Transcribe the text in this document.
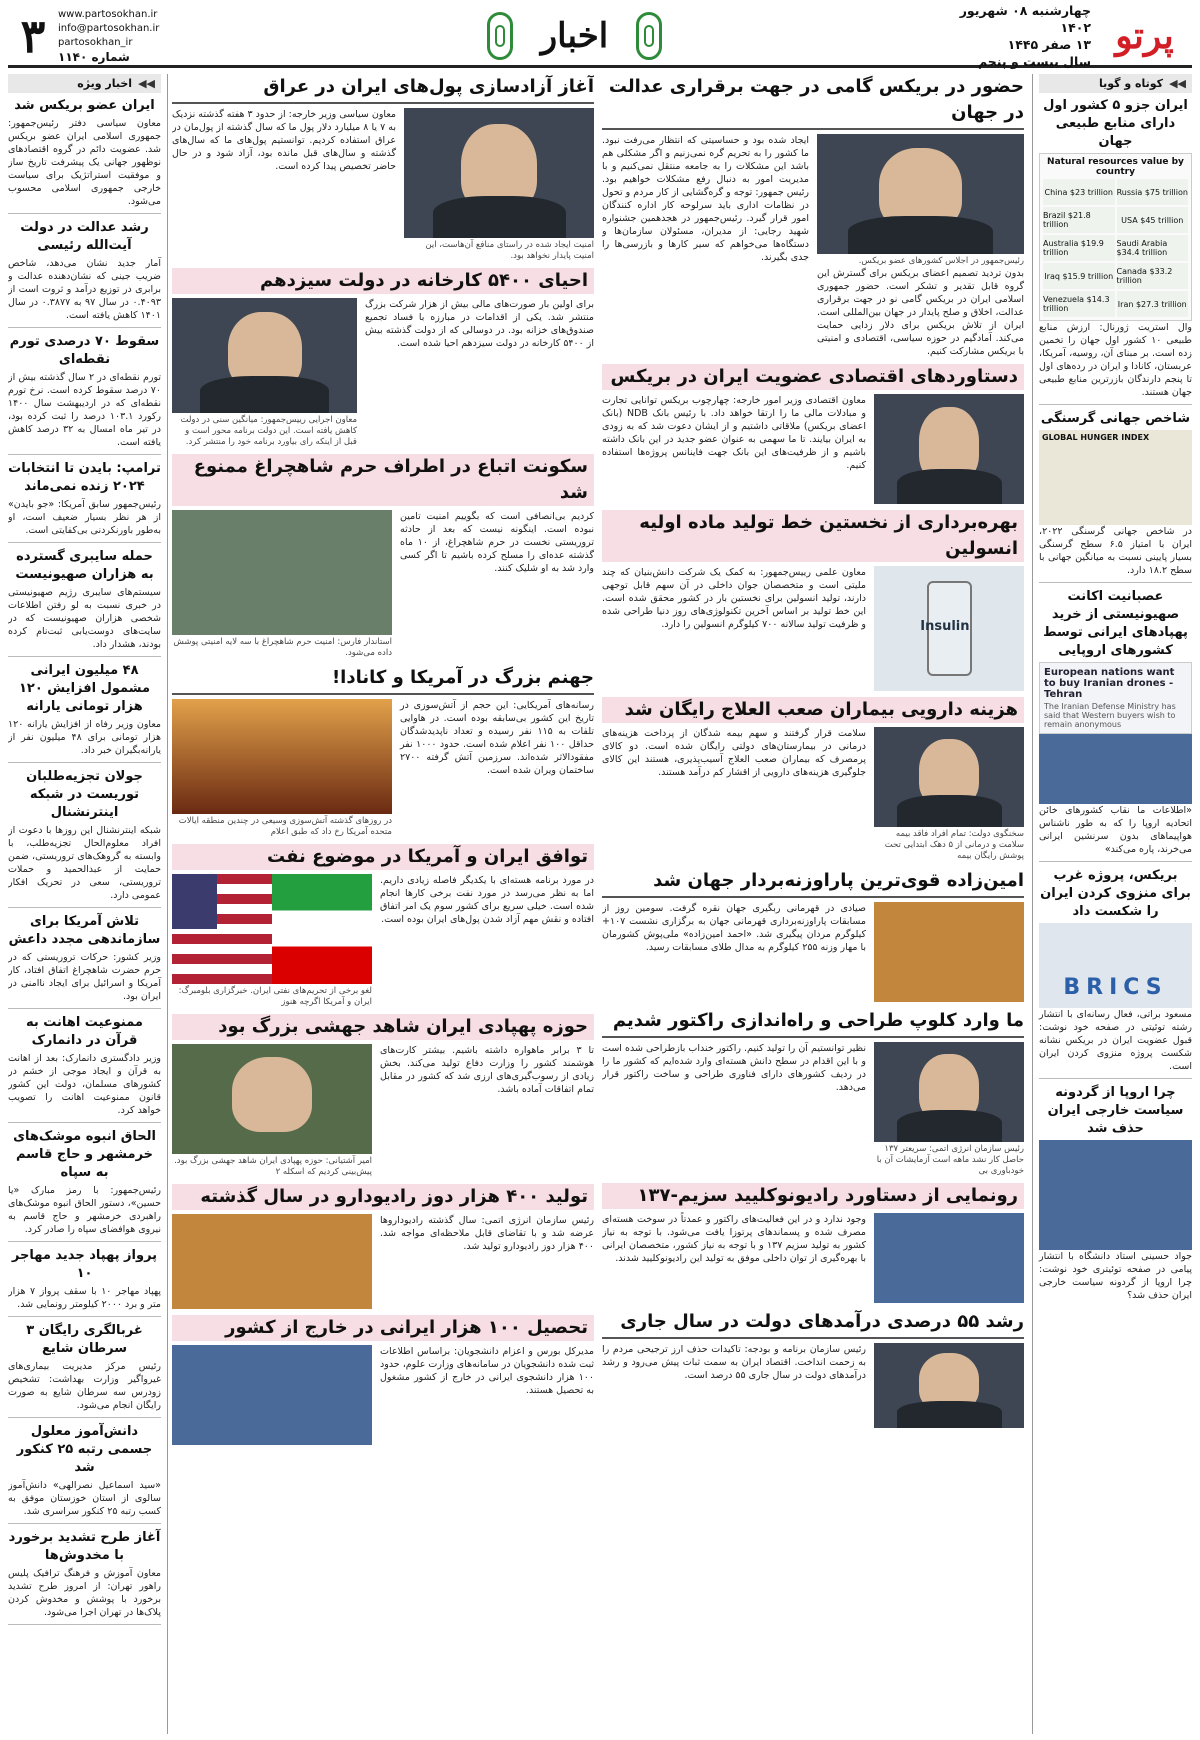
پرتو
چهارشنبه ۰۸ شهریور ۱۴۰۲
۱۳ صفر ۱۴۴۵
سال بیست و پنجم
اخبار
www.partosokhan.ir
info@partosokhan.ir
partosokhan_ir
شماره ۱۱۴۰
۳
◀◀
کوتاه و گویا
ایران جزو ۵ کشور اول دارای منابع طبیعی جهان
Natural resources value by country
Russia $75 trillion
China $23 trillion
USA $45 trillion
Brazil $21.8 trillion
Saudi Arabia $34.4 trillion
Australia $19.9 trillion
Canada $33.2 trillion
Iraq $15.9 trillion
Iran $27.3 trillion
Venezuela $14.3 trillion
وال استریت ژورنال: ارزش منابع طبیعی ۱۰ کشور اول جهان را تخمین زده است. بر مبنای آن، روسیه، آمریکا، عربستان، کانادا و ایران در رده‌های اول تا پنجم دارندگان بازرترین منابع طبیعی جهان هستند.
شاخص جهانی گرسنگی
GLOBAL HUNGER INDEX
در شاخص جهانی گرسنگی ۲۰۲۲، ایران با امتیاز ۶.۵ سطح گرسنگی بسیار پایینی نسبت به میانگین جهانی با سطح ۱۸.۲ دارد.
عصبانیت اکانت صهیونیستی از خرید پهپادهای ایرانی توسط کشورهای اروپایی
European nations want to buy Iranian drones - Tehran
The Iranian Defense Ministry has said that Western buyers wish to remain anonymous
«اطلاعات ما نقاب کشورهای خائن اتحادیه اروپا را که به طور ناشناس هواپیماهای بدون سرنشین ایرانی می‌خرند، پاره می‌کند»
بریکس، پروژه غرب برای منزوی کردن ایران را شکست داد
BRICS
مسعود براتی، فعال رسانه‌ای با انتشار رشته توئیتی در صفحه خود نوشت: قبول عضویت ایران در بریکس نشانه شکست پروژه منزوی کردن ایران است.
چرا اروپا از گردونه سیاست خارجی ایران حذف شد
جواد حسینی استاد دانشگاه با انتشار پیامی در صفحه توئیتری خود نوشت: چرا اروپا از گردونه سیاست خارجی ایران حذف شد؟
حضور در بریکس گامی در جهت برقراری عدالت در جهان
رئیس‌جمهور در اجلاس کشورهای عضو بریکس.
بدون تردید تصمیم اعضای بریکس برای گسترش این گروه قابل تقدیر و تشکر است. حضور جمهوری اسلامی ایران در بریکس گامی نو در جهت برقراری عدالت، اخلاق و صلح پایدار در جهان بین‌المللی است. ایران از تلاش بریکس برای دلار زدایی حمایت می‌کند. آمادگیم در حوزه سیاسی، اقتصادی و امنیتی با بریکس مشارکت کنیم.
ایجاد شده بود و حساسیتی که انتظار می‌رفت نبود. ما کشور را به تحریم گره نمی‌زنیم و اگر مشکلی هم باشد این مشکلات را به جامعه منتقل نمی‌کنیم و با مدیریت امور به دنبال رفع مشکلات خواهیم بود. رئیس جمهور: توجه و گره‌گشایی از کار مردم و تحول در نظامات اداری باید سرلوحه کار اداره کنندگان امور قرار گیرد. رئیس‌جمهور در هجدهمین جشنواره شهید رجایی: از مدیران، مسئولان سازمان‌ها و دستگاه‌ها می‌خواهم که سیر کارها و بازرسی‌ها را جدی بگیرند.
دستاوردهای اقتصادی عضویت ایران در بریکس
معاون اقتصادی وزیر امور خارجه: چهارچوب بریکس توانایی تجارت و مبادلات مالی ما را ارتقا خواهد داد. با رئیس بانک NDB (بانک اعضای بریکس) ملاقاتی داشتیم و از ایشان دعوت شد که به زودی به ایران بیایند. تا ما سهمی به عنوان عضو جدید در این بانک داشته باشیم و از ظرفیت‌های این بانک جهت فاینانس پروژه‌ها استفاده کنیم.
بهره‌برداری از نخستین خط تولید ماده اولیه انسولین
Insulin
معاون علمی رییس‌جمهور: به کمک یک شرکت دانش‌بنیان که چند ملیتی است و متخصصان جوان داخلی در آن سهم قابل توجهی دارند، تولید انسولین برای نخستین بار در کشور محقق شده است. این خط تولید بر اساس آخرین تکنولوژی‌های روز دنیا طراحی شده و ظرفیت تولید سالانه ۷۰۰ کیلوگرم انسولین را دارد.
هزینه دارویی بیماران صعب العلاج رایگان شد
سخنگوی دولت: تمام افراد فاقد بیمه سلامت و درمانی از ۵ دهک ابتدایی تحت پوشش رایگان بیمه
سلامت قرار گرفتند و سهم بیمه شدگان از پرداخت هزینه‌های درمانی در بیمارستان‌های دولتی رایگان شده است. دو کالای پرمصرف که بیماران صعب العلاج آسیب‌پذیری، هستند این کالای جلوگیری هزینه‌های دارویی از اقشار کم درآمد هستند.
امین‌زاده قوی‌ترین پاراوزنه‌بردار جهان شد
صیادی در قهرمانی ربگیری جهان نقره گرفت. سومین روز از مسابقات پاراوزنه‌برداری قهرمانی جهان به برگزاری نشست ۱۰۷+ کیلوگرم مردان پیگیری شد. «احمد امین‌زاده» ملی‌پوش کشورمان با مهار وزنه ۲۵۵ کیلوگرم به مدال طلای مسابقات رسید.
ما وارد کلوپ طراحی و راه‌اندازی راکتور شدیم
رئیس سازمان انرژی اتمی: سریعتر ۱۳۷ حاصل کار نشد ماهه است آزمایشات آن با خودباوری بی
نظیر توانستیم آن را تولید کنیم. راکتور خنداب بازطراحی شده است و با این اقدام در سطح دانش هسته‌ای وارد شده‌ایم که کشور ما را در ردیف کشورهای دارای فناوری طراحی و ساخت راکتور قرار می‌دهد.
رونمایی از دستاورد رادیونوکلیید سزیم-۱۳۷
وجود ندارد و در این فعالیت‌های راکتور و عمدتاً در سوخت هسته‌ای مصرف شده و پسماندهای پرتوزا یافت می‌شود. با توجه به نیاز کشور به تولید سزیم ۱۳۷ و با توجه به نیاز کشور، متخصصان ایرانی با بهره‌گیری از توان داخلی موفق به تولید این رادیونوکلیید شدند.
رشد ۵۵ درصدی درآمدهای دولت در سال جاری
رئیس سازمان برنامه و بودجه: تاکیدات حذف ارز ترجیحی مردم را به زحمت انداخت. اقتصاد ایران به سمت ثبات پیش می‌رود و رشد درآمدهای دولت در سال جاری ۵۵ درصد است.
آغاز آزادسازی پول‌های ایران در عراق
امنیت ایجاد شده در راستای منافع آن‌هاست، این امنیت پایدار نخواهد بود.
معاون سیاسی وزیر خارجه: از حدود ۳ هفته گذشته نزدیک به ۷ یا ۸ میلیارد دلار پول ما که سال گذشته از پول‌مان در عراق استفاده کردیم. توانستیم پول‌های ما که سال‌های گذشته و سال‌های قبل مانده بود، آزاد شود و در حال حاضر تخصیص پیدا کرده است.
احیای ۵۴۰۰ کارخانه در دولت سیزدهم
برای اولین بار صورت‌های مالی بیش از هزار شرکت بزرگ منتشر شد. یکی از اقدامات در مبارزه با فساد تجمیع صندوق‌های خزانه بود. در دوسالی که از دولت گذشته بیش از ۵۴۰۰ کارخانه در دولت سیزدهم احیا شده است.
معاون اجرایی رییس‌جمهور: میانگین سنی در دولت کاهش یافته است. این دولت برنامه محور است و قبل از اینکه رای بیاورد برنامه خود را منتشر کرد.
سکونت اتباع در اطراف حرم شاهچراغ ممنوع شد
کردیم بی‌انصافی است که بگوییم امنیت تامین نبوده است. اینگونه نیست که بعد از حادثه تروریستی نخست در حرم شاهچراغ، از ۱۰ ماه گذشته عده‌ای را مسلح کرده باشیم تا اگر کسی وارد شد به او شلیک کنند.
استاندار فارس: امنیت حرم شاهچراغ با سه لایه امنیتی پوشش داده می‌شود.
جهنم بزرگ در آمریکا و کانادا!
رسانه‌های آمریکایی: این حجم از آتش‌سوزی در تاریخ این کشور بی‌سابقه بوده است. در هاوایی تلفات به ۱۱۵ نفر رسیده و تعداد ناپدیدشدگان حداقل ۱۰۰ نفر اعلام شده است. حدود ۱۰۰۰ نفر مفقودالاثر شده‌اند. سرزمین آتش گرفته ۲۷۰۰ ساختمان ویران شده است.
در روزهای گذشته آتش‌سوزی وسیعی در چندین منطقه ایالات متحده آمریکا رخ داد که طبق اعلام
توافق ایران و آمریکا در موضوع نفت
در مورد برنامه هسته‌ای با یکدیگر فاصله زیادی داریم. اما به نظر می‌رسد در مورد نفت برخی کارها انجام شده است. خیلی سریع برای کشور سوم یک امر اتفاق افتاده و نقش مهم آزاد شدن پول‌های ایران بوده است.
لغو برخی از تحریم‌های نفتی ایران. خبرگزاری بلومبرگ: ایران و آمریکا اگرچه هنوز
حوزه پهپادی ایران شاهد جهشی بزرگ بود
تا ۳ برابر ماهواره داشته باشیم. بیشتر کارت‌های هوشمند کشور را وزارت دفاع تولید می‌کند. بخش زیادی از رسوب‌گیری‌های ارزی شد که کشور در مقابل تمام اتفاقات آماده باشد.
امیر آشتیانی: حوزه پهپادی ایران شاهد جهشی بزرگ بود. پیش‌بینی کردیم که اسکله ۲
تولید ۴۰۰ هزار دوز رادیودارو در سال گذشته
رئیس سازمان انرژی اتمی: سال گذشته رادیوداروها عرضه شد و با تقاضای قابل ملاحظه‌ای مواجه شد. ۴۰۰ هزار دوز رادیودارو تولید شد.
تحصیل ۱۰۰ هزار ایرانی در خارج از کشور
مدیرکل بورس و اعزام دانشجویان: براساس اطلاعات ثبت شده دانشجویان در سامانه‌های وزارت علوم، حدود ۱۰۰ هزار دانشجوی ایرانی در خارج از کشور مشغول به تحصیل هستند.
◀◀
اخبار ویژه
ایران عضو بریکس شد
معاون سیاسی دفتر رئیس‌جمهور: جمهوری اسلامی ایران عضو بریکس شد. عضویت دائم در گروه اقتصادهای نوظهور جهانی یک پیشرفت تاریخ ساز و موفقیت استراتژیک برای سیاست خارجی جمهوری اسلامی محسوب می‌شود.
رشد عدالت در دولت آیت‌الله رئیسی
آمار جدید نشان می‌دهد، شاخص ضریب جینی که نشان‌دهنده عدالت و برابری در توزیع درآمد و ثروت است از ۰.۴۰۹۳ در سال ۹۷ به ۰.۳۸۷۷ در سال ۱۴۰۱ کاهش یافته است.
سقوط ۷۰ درصدی تورم نقطه‌ای
تورم نقطه‌ای در ۲ سال گذشته بیش از ۷۰ درصد سقوط کرده است. نرخ تورم نقطه‌ای که در اردیبهشت سال ۱۴۰۰ رکورد ۱۰۳.۱ درصد را ثبت کرده بود، در تیر ماه امسال به ۳۲ درصد کاهش یافته است.
ترامپ: بایدن تا انتخابات ۲۰۲۴ زنده نمی‌ماند
رئیس‌جمهور سابق آمریکا: «جو بایدن» از هر نظر بسیار ضعیف است، او به‌طور باورنکردنی بی‌کفایتی است.
حمله سایبری گسترده به هزاران صهیونیست
سیستم‌های سایبری رژیم صهیونیستی در خبری نسبت به لو رفتن اطلاعات شخصی هزاران صهیونیست که در سایت‌های دوست‌یابی ثبت‌نام کرده بودند، هشدار داد.
۴۸ میلیون ایرانی مشمول افزایش ۱۲۰ هزار تومانی یارانه
معاون وزیر رفاه از افزایش یارانه ۱۲۰ هزار تومانی برای ۴۸ میلیون نفر از یارانه‌بگیران خبر داد.
جولان تجزیه‌طلبان توریست در شبکه اینترنشنال
شبکه اینترنشنال این روزها با دعوت از افراد معلوم‌الحال تجزیه‌طلب، با وابسته به گروهک‌های تروریستی، ضمن حمایت از عبدالحمید و حملات تروریستی، سعی در تحریک افکار عمومی دارد.
تلاش آمریکا برای سازماندهی مجدد داعش
وزیر کشور: حرکات تروریستی که در حرم حضرت شاهچراغ اتفاق افتاد، کار آمریکا و اسرائیل برای ایجاد ناامنی در ایران بود.
ممنوعیت اهانت به قرآن در دانمارک
وزیر دادگستری دانمارک: بعد از اهانت به قرآن و ایجاد موجی از خشم در کشورهای مسلمان، دولت این کشور قانون ممنوعیت اهانت را تصویب خواهد کرد.
الحاق انبوه موشک‌های خرمشهر و حاج قاسم به سپاه
رئیس‌جمهور: با رمز مبارک «یا حسین»، دستور الحاق انبوه موشک‌های راهبردی خرمشهر و حاج قاسم به نیروی هوافضای سپاه را صادر کرد.
پرواز پهپاد جدید مهاجر ۱۰
پهپاد مهاجر ۱۰ با سقف پرواز ۷ هزار متر و برد ۲۰۰۰ کیلومتر رونمایی شد.
غربالگری رایگان ۳ سرطان شایع
رئیس مرکز مدیریت بیماری‌های غیرواگیر وزارت بهداشت: تشخیص زودرس سه سرطان شایع به صورت رایگان انجام می‌شود.
دانش‌آموز معلول جسمی رتبه ۲۵ کنکور شد
«سید اسماعیل نصرالهی» دانش‌آموز سالوی از استان خوزستان موفق به کسب رتبه ۲۵ کنکور سراسری شد.
آغاز طرح تشدید برخورد با مخدوش‌ها
معاون آموزش و فرهنگ ترافیک پلیس راهور تهران: از امروز طرح تشدید برخورد با پوشش و مخدوش کردن پلاک‌ها در تهران اجرا می‌شود.
